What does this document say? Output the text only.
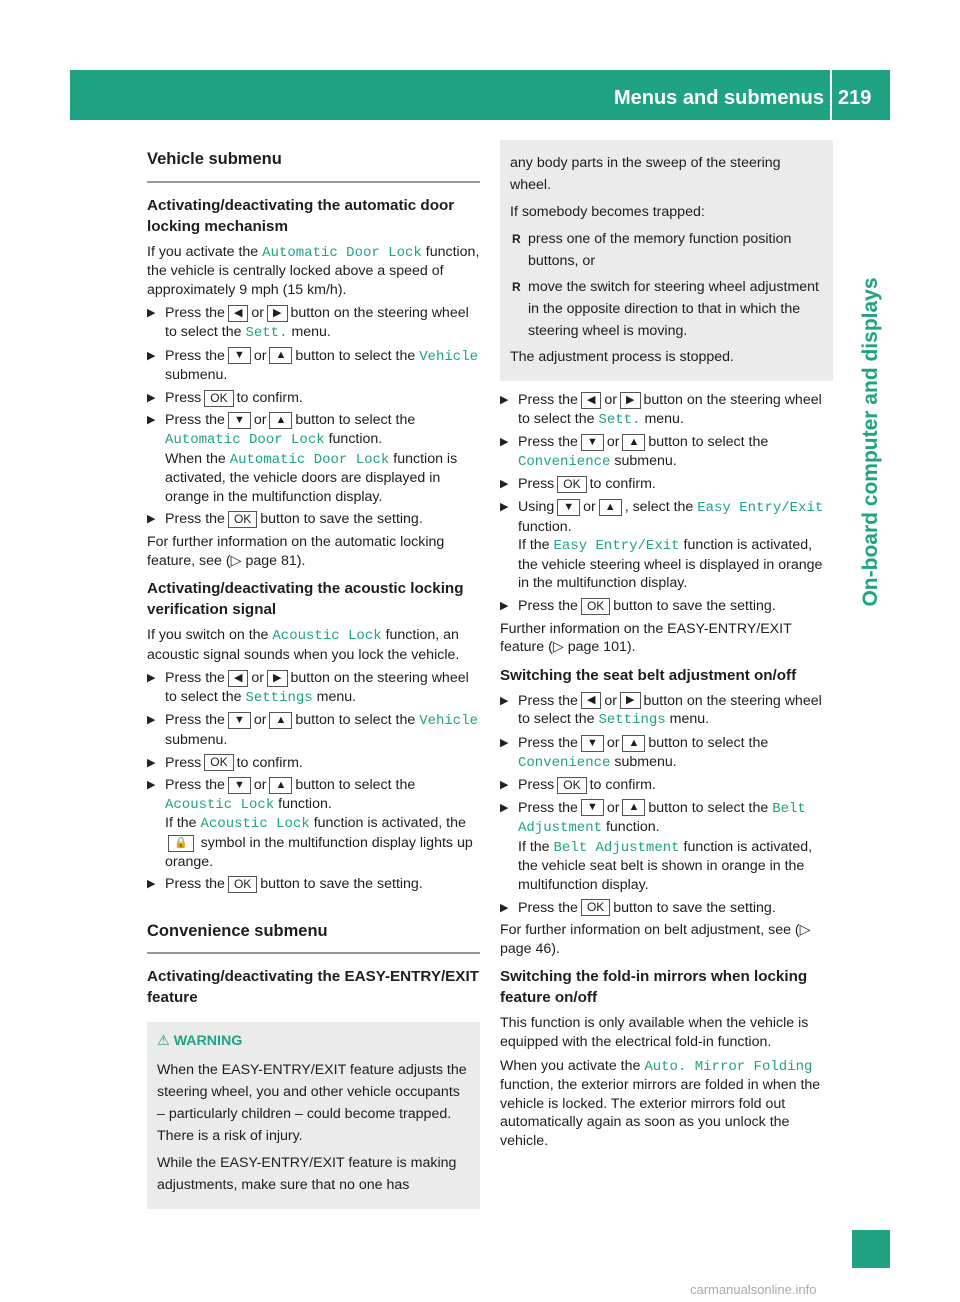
Menus and submenus 219
On-board computer and displays
Vehicle submenu
Activating/deactivating the automatic door locking mechanism

If you activate the Automatic Door Lock function, the vehicle is centrally locked above a speed of approximately 9 mph (15 km/h).

▶ Press the ◀ or ▶ button on the steering wheel to select the Sett. menu.
▶ Press the ▼ or ▲ button to select the Vehicle submenu.
▶ Press OK to confirm.
▶ Press the ▼ or ▲ button to select the Automatic Door Lock function.
When the Automatic Door Lock function is activated, the vehicle doors are displayed in orange in the multifunction display.
▶ Press the OK button to save the setting.

For further information on the automatic locking feature, see (▷ page 81).

Activating/deactivating the acoustic locking verification signal

If you switch on the Acoustic Lock function, an acoustic signal sounds when you lock the vehicle.

▶ Press the ◀ or ▶ button on the steering wheel to select the Settings menu.
▶ Press the ▼ or ▲ button to select the Vehicle submenu.
▶ Press OK to confirm.
▶ Press the ▼ or ▲ button to select the Acoustic Lock function.
If the Acoustic Lock function is activated, the 🔒 symbol in the multifunction display lights up orange.
▶ Press the OK button to save the setting.
Convenience submenu
Activating/deactivating the EASY-ENTRY/EXIT feature
⚠ WARNING

When the EASY-ENTRY/EXIT feature adjusts the steering wheel, you and other vehicle occupants – particularly children – could become trapped. There is a risk of injury.

While the EASY-ENTRY/EXIT feature is making adjustments, make sure that no one has

any body parts in the sweep of the steering wheel.

If somebody becomes trapped:

R press one of the memory function position buttons, or
R move the switch for steering wheel adjustment in the opposite direction to that in which the steering wheel is moving.

The adjustment process is stopped.

▶ Press the ◀ or ▶ button on the steering wheel to select the Sett. menu.
▶ Press the ▼ or ▲ button to select the Convenience submenu.
▶ Press OK to confirm.
▶ Using ▼ or ▲ , select the Easy Entry/Exit function.
If the Easy Entry/Exit function is activated, the vehicle steering wheel is displayed in orange in the multifunction display.
▶ Press the OK button to save the setting.

Further information on the EASY-ENTRY/EXIT feature (▷ page 101).

Switching the seat belt adjustment on/off
▶ Press the ◀ or ▶ button on the steering wheel to select the Settings menu.
▶ Press the ▼ or ▲ button to select the Convenience submenu.
▶ Press OK to confirm.
▶ Press the ▼ or ▲ button to select the Belt Adjustment function.
If the Belt Adjustment function is activated, the vehicle seat belt is shown in orange in the multifunction display.
▶ Press the OK button to save the setting.

For further information on belt adjustment, see (▷ page 46).

Switching the fold-in mirrors when locking feature on/off

This function is only available when the vehicle is equipped with the electrical fold-in function.

When you activate the Auto. Mirror Folding function, the exterior mirrors are folded in when the vehicle is locked. The exterior mirrors fold out automatically again as soon as you unlock the vehicle.

carmanualsonline.info
